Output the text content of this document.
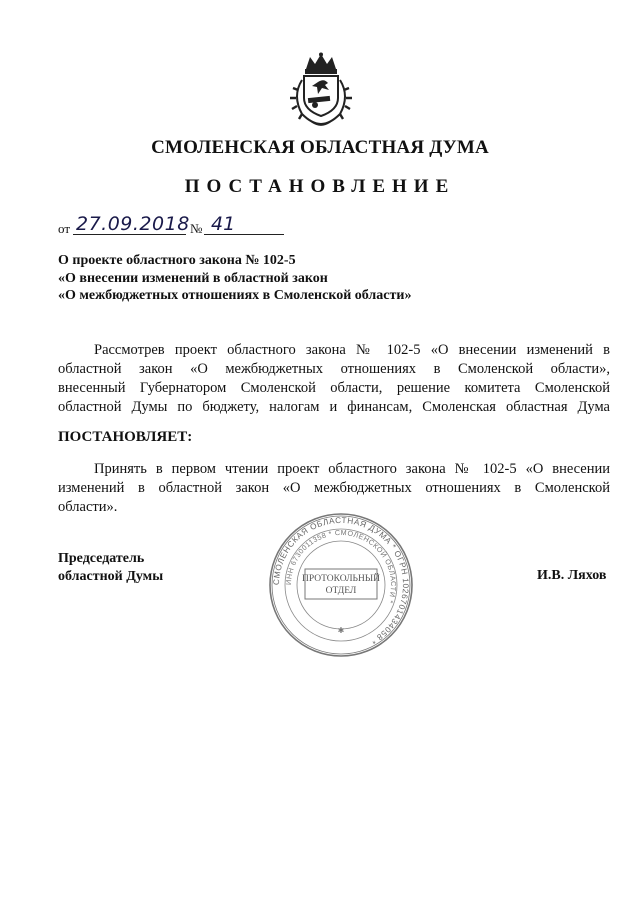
СМОЛЕНСКАЯ ОБЛАСТНАЯ ДУМА
ПОСТАНОВЛЕНИЕ
от 27.09.2018 № 41
О проекте областного закона № 102-5
«О внесении изменений в областной закон
«О межбюджетных отношениях в Смоленской области»
Рассмотрев проект областного закона № 102-5 «О внесении изменений в
областной закон «О межбюджетных отношениях в Смоленской области»,
внесенный Губернатором Смоленской области, решение комитета Смоленской
областной Думы по бюджету, налогам и финансам, Смоленская областная Дума
ПОСТАНОВЛЯЕТ:
Принять в первом чтении проект областного закона № 102-5 «О внесении
изменений в областной закон «О межбюджетных отношениях в Смоленской
области».
Председатель
областной Думы	СМОЛЕНСКАЯ ОБЛАСТНАЯ ДУМА * ОГРН 1026701434058 *
ИНН 6730011358 * СМОЛЕНСКОЙ ОБЛАСТИ *
ПРОТОКОЛЬНЫЙ
ОТДЕЛ
✱
И.В. Ляхов
